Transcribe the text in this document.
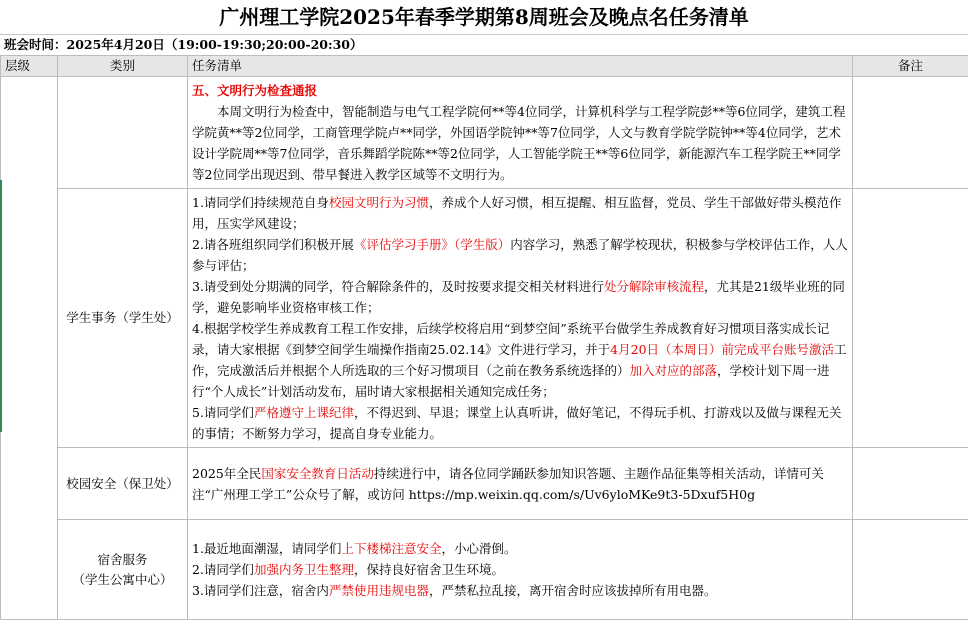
广州理工学院2025年春季学期第8周班会及晚点名任务清单
班会时间：2025年4月20日（19:00-19:30;20:00-20:30）
层级	类别	任务清单	备注

		五、文明行为检查通报
本周文明行为检查中，智能制造与电气工程学院何**等4位同学，计算机科学与工程学院彭**等6位同学，建筑工程学院黄**等2位同学，工商管理学院卢**同学，外国语学院钟**等7位同学，人文与教育学院学院钟**等4位同学，艺术设计学院周**等7位同学，音乐舞蹈学院陈**等2位同学，人工智能学院王**等6位同学，新能源汽车工程学院王**同学等2位同学出现迟到、带早餐进入教学区域等不文明行为。	

	学生事务（学生处）	1.请同学们持续规范自身校园文明行为习惯，养成个人好习惯，相互提醒、相互监督，党员、学生干部做好带头模范作用，压实学风建设；
2.请各班组织同学们积极开展《评估学习手册》（学生版）内容学习，熟悉了解学校现状，积极参与学校评估工作，人人参与评估；
3.请受到处分期满的同学，符合解除条件的，及时按要求提交相关材料进行处分解除审核流程，尤其是21级毕业班的同学，避免影响毕业资格审核工作；
4.根据学校学生养成教育工程工作安排，后续学校将启用“到梦空间”系统平台做学生养成教育好习惯项目落实成长记录，请大家根据《到梦空间学生端操作指南25.02.14》文件进行学习，并于4月20日（本周日）前完成平台账号激活工作，完成激活后并根据个人所选取的三个好习惯项目（之前在教务系统选择的）加入对应的部落，学校计划下周一进行“个人成长”计划活动发布，届时请大家根据相关通知完成任务；
5.请同学们严格遵守上课纪律，不得迟到、早退；课堂上认真听讲，做好笔记，不得玩手机、打游戏以及做与课程无关的事情；不断努力学习，提高自身专业能力。	

	校园安全（保卫处）	2025年全民国家安全教育日活动持续进行中，请各位同学踊跃参加知识答题、主题作品征集等相关活动，详情可关注“广州理工学工”公众号了解，或访问 https://mp.weixin.qq.com/s/Uv6yloMKe9t3-5Dxuf5H0g	

	宿舍服务
（学生公寓中心）	1.最近地面潮湿，请同学们上下楼梯注意安全，小心滑倒。
2.请同学们加强内务卫生整理，保持良好宿舍卫生环境。
3.请同学们注意，宿舍内严禁使用违规电器，严禁私拉乱接，离开宿舍时应该拔掉所有用电器。	
